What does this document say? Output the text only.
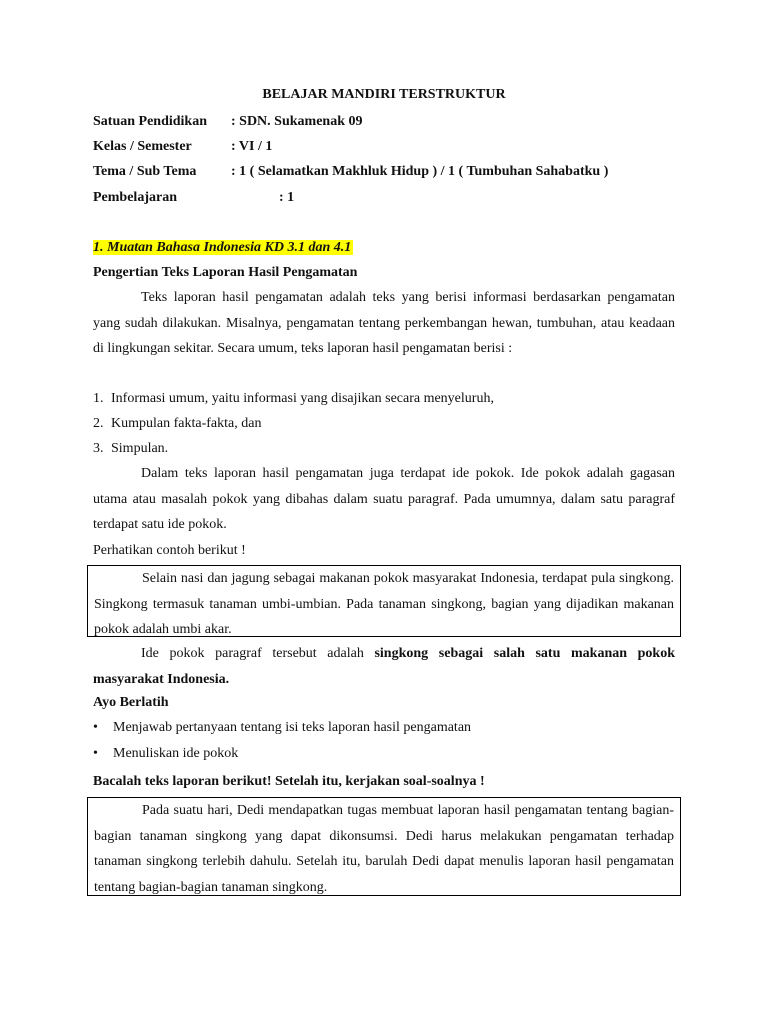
BELAJAR MANDIRI TERSTRUKTUR
Satuan Pendidikan : SDN. Sukamenak 09
Kelas / Semester	: VI / 1
Tema / Sub Tema : 1 ( Selamatkan Makhluk Hidup ) / 1 ( Tumbuhan Sahabatku )
Pembelajaran	: 1
1. Muatan Bahasa Indonesia KD 3.1 dan 4.1
Pengertian Teks Laporan Hasil Pengamatan
Teks laporan hasil pengamatan adalah teks yang berisi informasi berdasarkan pengamatan yang sudah dilakukan. Misalnya, pengamatan tentang perkembangan hewan, tumbuhan, atau keadaan di lingkungan sekitar. Secara umum, teks laporan hasil pengamatan berisi :
1. Informasi umum, yaitu informasi yang disajikan secara menyeluruh,
2. Kumpulan fakta-fakta, dan
3. Simpulan.
Dalam teks laporan hasil pengamatan juga terdapat ide pokok. Ide pokok adalah gagasan utama atau masalah pokok yang dibahas dalam suatu paragraf. Pada umumnya, dalam satu paragraf terdapat satu ide pokok.
Perhatikan contoh berikut !

Selain nasi dan jagung sebagai makanan pokok masyarakat Indonesia, terdapat pula singkong. Singkong termasuk tanaman umbi-umbian. Pada tanaman singkong, bagian yang dijadikan makanan pokok adalah umbi akar.

Ide pokok paragraf tersebut adalah singkong sebagai salah satu makanan pokok masyarakat Indonesia.
Ayo Berlatih
• Menjawab pertanyaan tentang isi teks laporan hasil pengamatan
• Menuliskan ide pokok
Bacalah teks laporan berikut! Setelah itu, kerjakan soal-soalnya !

Pada suatu hari, Dedi mendapatkan tugas membuat laporan hasil pengamatan tentang bagian-bagian tanaman singkong yang dapat dikonsumsi. Dedi harus melakukan pengamatan terhadap tanaman singkong terlebih dahulu. Setelah itu, barulah Dedi dapat menulis laporan hasil pengamatan tentang bagian-bagian tanaman singkong.
